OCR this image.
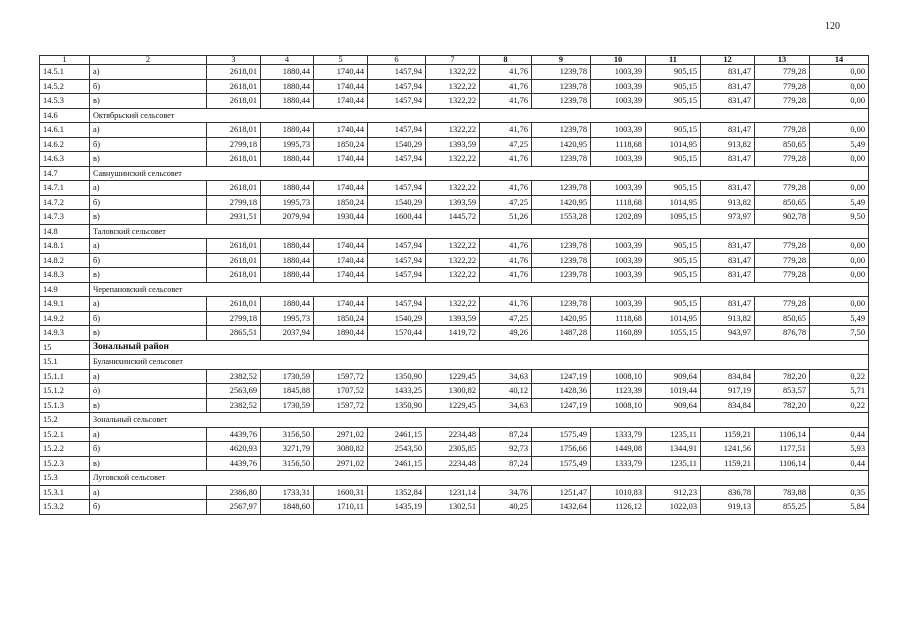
120
1	2	3	4	5	6	7	8	9	10	11	12	13	14
14.5.1	а)	2618,01	1880,44	1740,44	1457,94	1322,22	41,76	1239,78	1003,39	905,15	831,47	779,28	0,00
14.5.2	б)	2618,01	1880,44	1740,44	1457,94	1322,22	41,76	1239,78	1003,39	905,15	831,47	779,28	0,00
14.5.3	в)	2618,01	1880,44	1740,44	1457,94	1322,22	41,76	1239,78	1003,39	905,15	831,47	779,28	0,00
14.6	Октябрьский сельсовет												
14.6.1	а)	2618,01	1880,44	1740,44	1457,94	1322,22	41,76	1239,78	1003,39	905,15	831,47	779,28	0,00
14.6.2	б)	2799,18	1995,73	1850,24	1540,29	1393,59	47,25	1420,95	1118,68	1014,95	913,82	850,65	5,49
14.6.3	в)	2618,01	1880,44	1740,44	1457,94	1322,22	41,76	1239,78	1003,39	905,15	831,47	779,28	0,00
14.7	Савнушинский сельсовет												
14.7.1	а)	2618,01	1880,44	1740,44	1457,94	1322,22	41,76	1239,78	1003,39	905,15	831,47	779,28	0,00
14.7.2	б)	2799,18	1995,73	1850,24	1540,29	1393,59	47,25	1420,95	1118,68	1014,95	913,82	850,65	5,49
14.7.3	в)	2931,51	2079,94	1930,44	1600,44	1445,72	51,26	1553,28	1202,89	1095,15	973,97	902,78	9,50
14.8	Таловский сельсовет												
14.8.1	а)	2618,01	1880,44	1740,44	1457,94	1322,22	41,76	1239,78	1003,39	905,15	831,47	779,28	0,00
14.8.2	б)	2618,01	1880,44	1740,44	1457,94	1322,22	41,76	1239,78	1003,39	905,15	831,47	779,28	0,00
14.8.3	в)	2618,01	1880,44	1740,44	1457,94	1322,22	41,76	1239,78	1003,39	905,15	831,47	779,28	0,00
14.9	Черепановский сельсовет												
14.9.1	а)	2618,01	1880,44	1740,44	1457,94	1322,22	41,76	1239,78	1003,39	905,15	831,47	779,28	0,00
14.9.2	б)	2799,18	1995,73	1850,24	1540,29	1393,59	47,25	1420,95	1118,68	1014,95	913,82	850,65	5,49
14.9.3	в)	2865,51	2037,94	1890,44	1570,44	1419,72	49,26	1487,28	1160,89	1055,15	943,97	876,78	7,50
15	Зональный район												
15.1	Буланихинский сельсовет												
15.1.1	а)	2382,52	1730,59	1597,72	1350,90	1229,45	34,63	1247,19	1008,10	909,64	834,84	782,20	0,22
15.1.2	ó)	2563,69	1845,88	1707,52	1433,25	1300,82	40,12	1428,36	1123,39	1019,44	917,19	853,57	5,71
15.1.3	в)	2382,52	1730,59	1597,72	1350,90	1229,45	34,63	1247,19	1008,10	909,64	834,84	782,20	0,22
15.2	Зональный сельсовет												
15.2.1	а)	4439,76	3156,50	2971,02	2461,15	2234,48	87,24	1575,49	1333,79	1235,11	1159,21	1106,14	0,44
15.2.2	б)	4620,93	3271,79	3080,82	2543,50	2305,85	92,73	1756,66	1449,08	1344,91	1241,56	1177,51	5,93
15.2.3	в)	4439,76	3156,50	2971,02	2461,15	2234,48	87,24	1575,49	1333,79	1235,11	1159,21	1106,14	0,44
15.3	Луговской сельсовет												
15.3.1	а)	2386,80	1733,31	1600,31	1352,84	1231,14	34,76	1251,47	1010,83	912,23	836,78	783,88	0,35
15.3.2	б)	2567,97	1848,60	1710,11	1435,19	1302,51	40,25	1432,64	1126,12	1022,03	919,13	855,25	5,84
